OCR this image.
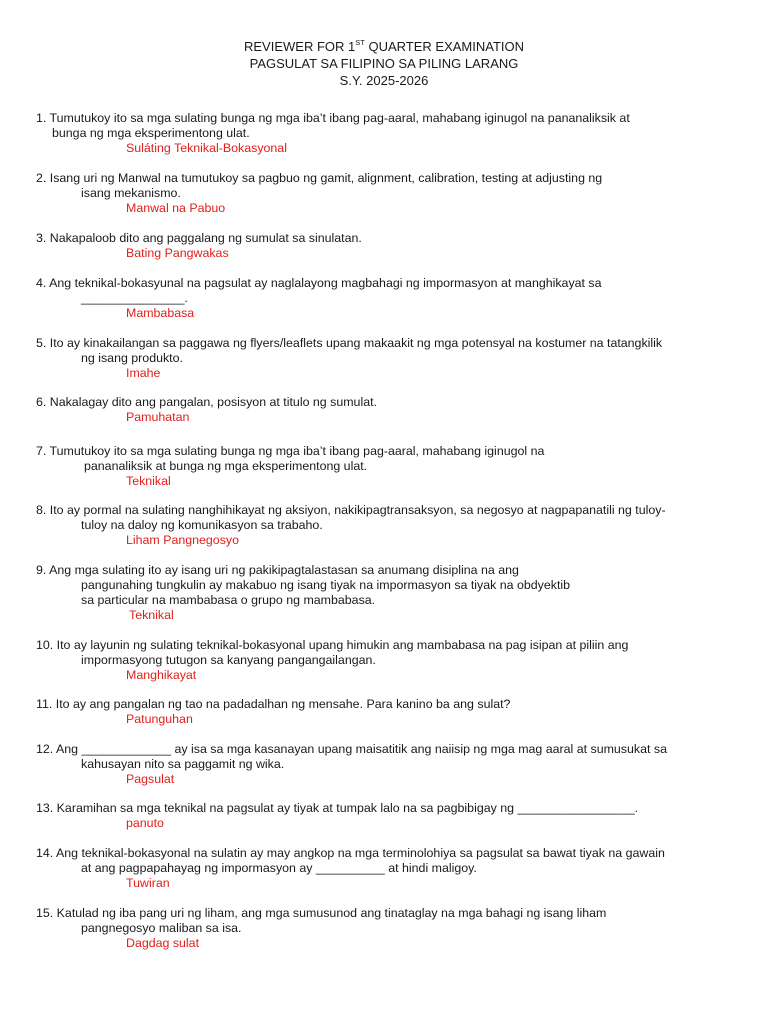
REVIEWER FOR 1ST QUARTER EXAMINATION
PAGSULAT SA FILIPINO SA PILING LARANG
S.Y. 2025-2026
1. Tumutukoy ito sa mga sulating bunga ng mga iba’t ibang pag-aaral, mahabang iginugol na pananaliksik at
bunga ng mga eksperimentong ulat.
Suláting Teknikal-Bokasyonal
2. Isang uri ng Manwal na tumutukoy sa pagbuo ng gamit, alignment, calibration, testing at adjusting ng
isang mekanismo.
Manwal na Pabuo
3. Nakapaloob dito ang paggalang ng sumulat sa sinulatan.
Bating Pangwakas
4. Ang teknikal-bokasyunal na pagsulat ay naglalayong magbahagi ng impormasyon at manghikayat sa
_______________.
Mambabasa
5. Ito ay kinakailangan sa paggawa ng flyers/leaflets upang makaakit ng mga potensyal na kostumer na tatangkilik
ng isang produkto.
Imahe
6. Nakalagay dito ang pangalan, posisyon at titulo ng sumulat.
Pamuhatan
7. Tumutukoy ito sa mga sulating bunga ng mga iba’t ibang pag-aaral, mahabang iginugol na
pananaliksik at bunga ng mga eksperimentong ulat.
Teknikal
8. Ito ay pormal na sulating nanghihikayat ng aksiyon, nakikipagtransaksyon, sa negosyo at nagpapanatili ng tuloy-
tuloy na daloy ng komunikasyon sa trabaho.
Liham Pangnegosyo
9. Ang mga sulating ito ay isang uri ng pakikipagtalastasan sa anumang disiplina na ang
pangunahing tungkulin ay makabuo ng isang tiyak na impormasyon sa tiyak na obdyektib
sa particular na mambabasa o grupo ng mambabasa.
Teknikal
10. Ito ay layunin ng sulating teknikal-bokasyonal upang himukin ang mambabasa na pag isipan at piliin ang
impormasyong tutugon sa kanyang pangangailangan.
Manghikayat
11. Ito ay ang pangalan ng tao na padadalhan ng mensahe. Para kanino ba ang sulat?
Patunguhan
12. Ang _____________ ay isa sa mga kasanayan upang maisatitik ang naiisip ng mga mag aaral at sumusukat sa
kahusayan nito sa paggamit ng wika.
Pagsulat
13. Karamihan sa mga teknikal na pagsulat ay tiyak at tumpak lalo na sa pagbibigay ng _________________.
panuto
14. Ang teknikal-bokasyonal na sulatin ay may angkop na mga terminolohiya sa pagsulat sa bawat tiyak na gawain
at ang pagpapahayag ng impormasyon ay __________ at hindi maligoy.
Tuwiran
15. Katulad ng iba pang uri ng liham, ang mga sumusunod ang tinataglay na mga bahagi ng isang liham
pangnegosyo maliban sa isa.
Dagdag sulat
